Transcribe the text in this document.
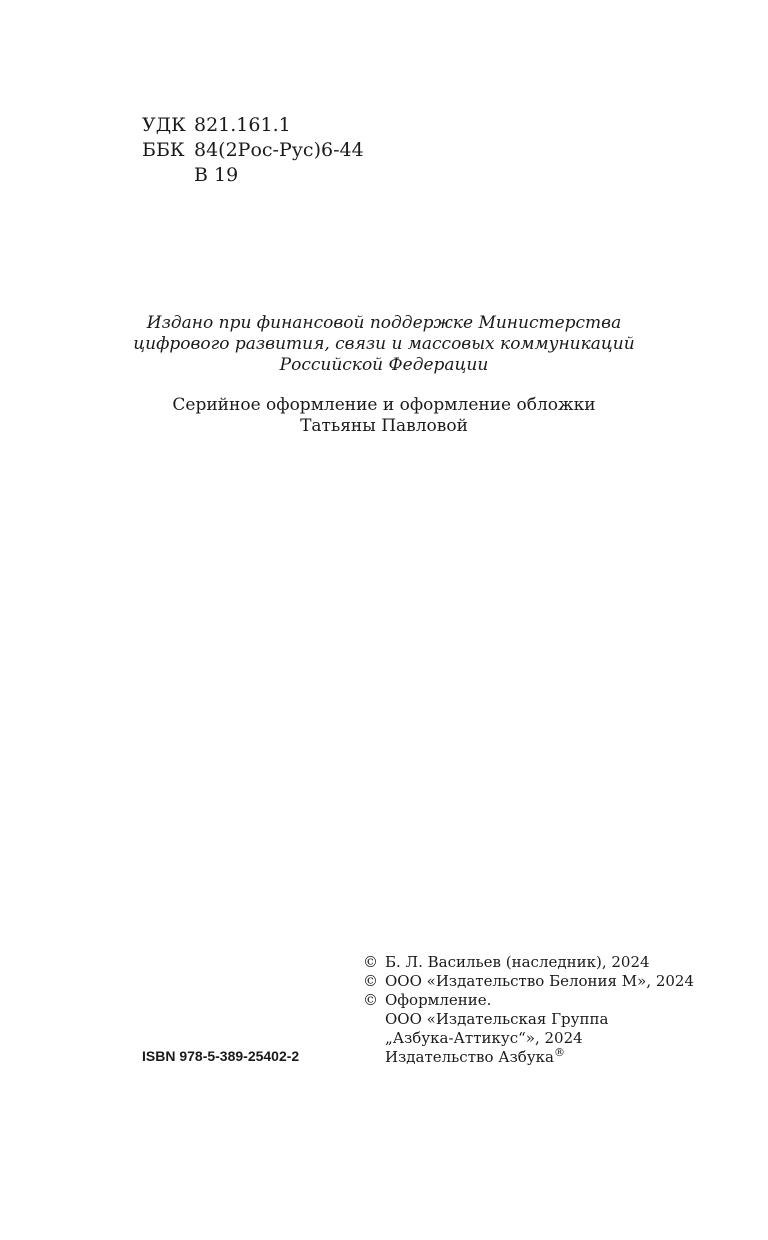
УДК 821.161.1
ББК 84(2Рос-Рус)6-44
В 19
Издано при финансовой поддержке Министерства
цифрового развития, связи и массовых коммуникаций
Российской Федерации
Серийное оформление и оформление обложки
Татьяны Павловой
© Б. Л. Васильев (наследник), 2024
© ООО «Издательство Белония М», 2024
© Оформление.
ООО «Издательская Группа
„Азбука-Аттикус“», 2024
Издательство Азбука®
ISBN 978-5-389-25402-2
